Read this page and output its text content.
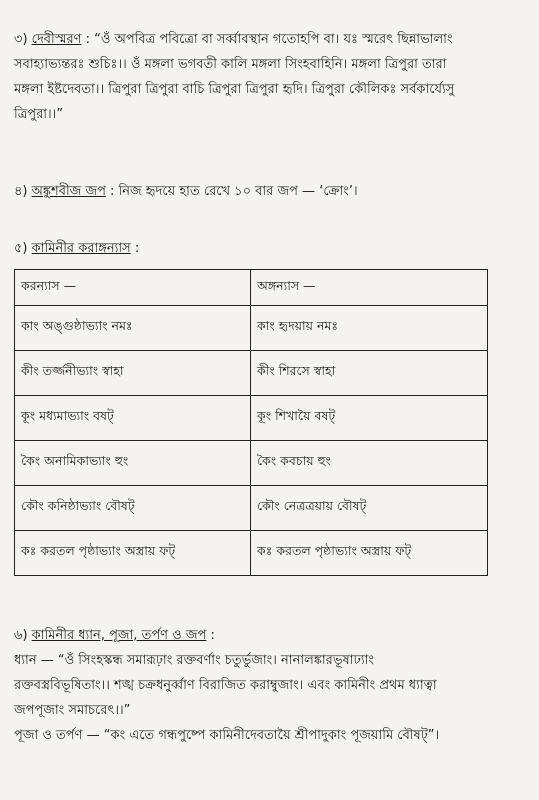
৩) দেবীস্মরণ : “ওঁ অপবিত্র পবিত্রো বা সর্ব্বাবস্থান গতোহপি বা। যঃ স্মরেৎ ছিন্নাভালাং
সবাহ্যাভ্যন্তরঃ শুচিঃ।। ওঁ মঙ্গলা ভগবতী কালি মঙ্গলা সিংহবাহিনি। মঙ্গলা ত্রিপুরা তারা
মঙ্গলা ইষ্টদেবতা।। ত্রিপুরা ত্রিপুরা বাচি ত্রিপুরা ত্রিপুরা হৃদি। ত্রিপুরা কৌলিকঃ সর্বকার্য্যেসু
ত্রিপুরা।।”
৪) অঙ্কুশবীজ জপ : নিজ হৃদয়ে হাত রেখে ১০ বার জপ — ‘ক্রোং’।
৫) কামিনীর করাঙ্গন্যাস :
করন্যাস —	অঙ্গন্যাস —
কাং অঙ্গুষ্ঠাভ্যাং নমঃ	কাং হৃদয়ায় নমঃ
কীং তর্জ্জনীভ্যাং স্বাহা	কীং শিরসে স্বাহা
কূং মধ্যমাভ্যাং বষট্	কূং শিখায়ৈ বষট্
কৈং অনামিকাভ্যাং হুং	কৈং কবচায় হুং
কৌং কনিষ্ঠাভ্যাং বৌষট্	কৌং নেত্রত্রয়ায় বৌষট্
কঃ করতল পৃষ্ঠাভ্যাং অস্ত্রায় ফট্	কঃ করতল পৃষ্ঠাভ্যাং অস্ত্রায় ফট্
৬) কামিনীর ধ্যান, পূজা, তর্পণ ও জপ :
ধ্যান — “ওঁ সিংহস্কন্ধ সমারূঢ়াং রক্তবর্ণাং চতুর্ভুজাং। নানালঙ্কারভূষাঢ্যাং
রক্তবস্ত্রবিভূষিতাং।। শঙ্খ চক্রধনুর্ব্বাণ বিরাজিত করাম্বুজাং। এবং কামিনীং প্রথম ধ্যাত্বা
জপপূজাং সমাচরেৎ।।”
পূজা ও তর্পণ — “কং এতে গন্ধপুষ্পে কামিনীদেবতায়ৈ শ্রীপাদুকাং পূজয়ামি বৌষট্”।
